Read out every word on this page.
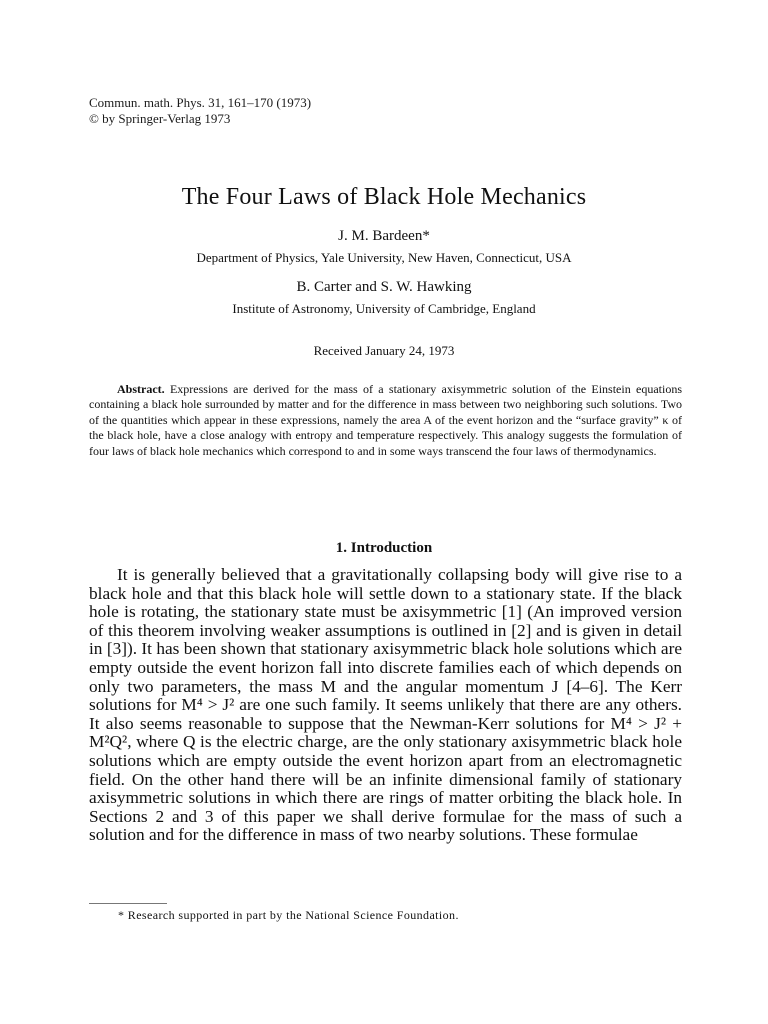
Commun. math. Phys. 31, 161–170 (1973)
© by Springer-Verlag 1973
The Four Laws of Black Hole Mechanics
J. M. Bardeen*
Department of Physics, Yale University, New Haven, Connecticut, USA
B. Carter and S. W. Hawking
Institute of Astronomy, University of Cambridge, England
Received January 24, 1973
Abstract. Expressions are derived for the mass of a stationary axisymmetric solution of the Einstein equations containing a black hole surrounded by matter and for the difference in mass between two neighboring such solutions. Two of the quantities which appear in these expressions, namely the area A of the event horizon and the “surface gravity” κ of the black hole, have a close analogy with entropy and temperature respectively. This analogy suggests the formulation of four laws of black hole mechanics which correspond to and in some ways transcend the four laws of thermodynamics.
1. Introduction
It is generally believed that a gravitationally collapsing body will give rise to a black hole and that this black hole will settle down to a stationary state. If the black hole is rotating, the stationary state must be axisymmetric [1] (An improved version of this theorem involving weaker assumptions is outlined in [2] and is given in detail in [3]). It has been shown that stationary axisymmetric black hole solutions which are empty outside the event horizon fall into discrete families each of which depends on only two parameters, the mass M and the angular momentum J [4–6]. The Kerr solutions for M⁴ > J² are one such family. It seems unlikely that there are any others. It also seems reasonable to suppose that the Newman-Kerr solutions for M⁴ > J² + M²Q², where Q is the electric charge, are the only stationary axisymmetric black hole solutions which are empty outside the event horizon apart from an electromagnetic field. On the other hand there will be an infinite dimensional family of stationary axisymmetric solutions in which there are rings of matter orbiting the black hole. In Sections 2 and 3 of this paper we shall derive formulae for the mass of such a solution and for the difference in mass of two nearby solutions. These formulae
* Research supported in part by the National Science Foundation.
